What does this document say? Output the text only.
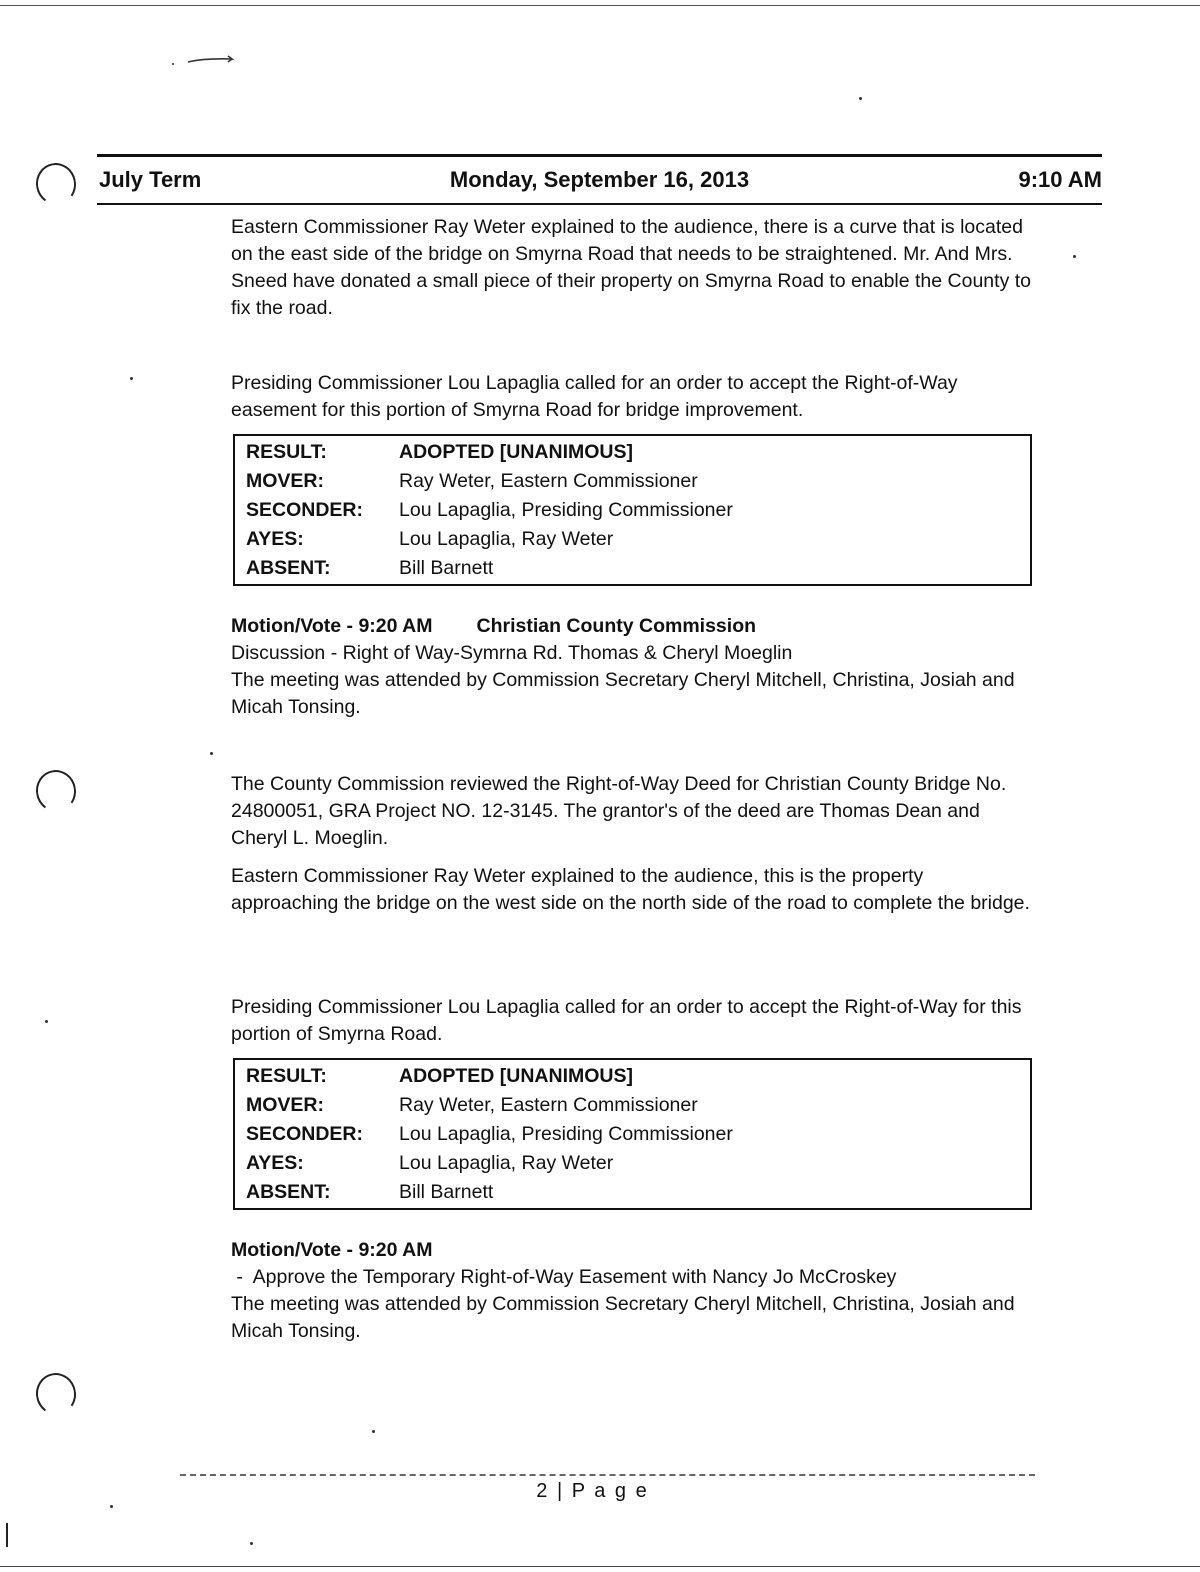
July Term	Monday, September 16, 2013	9:10 AM

Eastern Commissioner Ray Weter explained to the audience, there is a curve that is located on the east side of the bridge on Smyrna Road that needs to be straightened. Mr. And Mrs. Sneed have donated a small piece of their property on Smyrna Road to enable the County to fix the road.

Presiding Commissioner Lou Lapaglia called for an order to accept the Right-of-Way easement for this portion of Smyrna Road for bridge improvement.

RESULT:	ADOPTED [UNANIMOUS]
MOVER:	Ray Weter, Eastern Commissioner
SECONDER:	Lou Lapaglia, Presiding Commissioner
AYES:	Lou Lapaglia, Ray Weter
ABSENT:	Bill Barnett

Motion/Vote - 9:20 AM Christian County Commission

Discussion - Right of Way-Symrna Rd. Thomas & Cheryl Moeglin

The meeting was attended by Commission Secretary Cheryl Mitchell, Christina, Josiah and Micah Tonsing.

The County Commission reviewed the Right-of-Way Deed for Christian County Bridge No. 24800051, GRA Project NO. 12-3145. The grantor's of the deed are Thomas Dean and Cheryl L. Moeglin.

Eastern Commissioner Ray Weter explained to the audience, this is the property approaching the bridge on the west side on the north side of the road to complete the bridge.

Presiding Commissioner Lou Lapaglia called for an order to accept the Right-of-Way for this portion of Smyrna Road.

RESULT:	ADOPTED [UNANIMOUS]
MOVER:	Ray Weter, Eastern Commissioner
SECONDER:	Lou Lapaglia, Presiding Commissioner
AYES:	Lou Lapaglia, Ray Weter
ABSENT:	Bill Barnett

Motion/Vote - 9:20 AM

-  Approve the Temporary Right-of-Way Easement with Nancy Jo McCroskey

The meeting was attended by Commission Secretary Cheryl Mitchell, Christina, Josiah and Micah Tonsing.

2 | P a g e
